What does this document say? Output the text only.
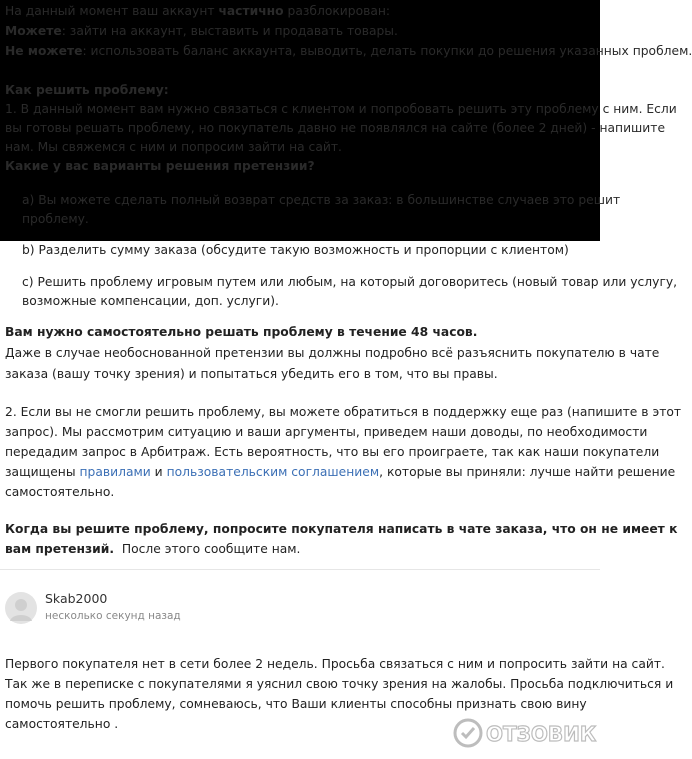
На данный момент ваш аккаунт частично разблокирован:
Можете: зайти на аккаунт, выставить и продавать товары.
Не можете: использовать баланс аккаунта, выводить, делать покупки до решения указанных проблем.
Как решить проблему:
1. В данный момент вам нужно связаться с клиентом и попробовать решить эту проблему с ним. Если
вы готовы решать проблему, но покупатель давно не появлялся на сайте (более 2 дней) - напишите
нам. Мы свяжемся с ним и попросим зайти на сайт.
Какие у вас варианты решения претензии?
a) Вы можете сделать полный возврат средств за заказ: в большинстве случаев это решит
проблему.
b) Разделить сумму заказа (обсудите такую возможность и пропорции с клиентом)
c) Решить проблему игровым путем или любым, на который договоритесь (новый товар или услугу,
возможные компенсации, доп. услуги).
Вам нужно самостоятельно решать проблему в течение 48 часов.
Даже в случае необоснованной претензии вы должны подробно всё разъяснить покупателю в чате
заказа (вашу точку зрения) и попытаться убедить его в том, что вы правы.
2. Если вы не смогли решить проблему, вы можете обратиться в поддержку еще раз (напишите в этот
запрос). Мы рассмотрим ситуацию и ваши аргументы, приведем наши доводы, по необходимости
передадим запрос в Арбитраж. Есть вероятность, что вы его проиграете, так как наши покупатели
защищены правилами и пользовательским соглашением, которые вы приняли: лучше найти решение
самостоятельно.
Когда вы решите проблему, попросите покупателя написать в чате заказа, что он не имеет к
вам претензий.  После этого сообщите нам.
Skab2000
несколько секунд назад
Первого покупателя нет в сети более 2 недель. Просьба связаться с ним и попросить зайти на сайт.
Так же в переписке с покупателями я уяснил свою точку зрения на жалобы. Просьба подключиться и
помочь решить проблему, сомневаюсь, что Ваши клиенты способны признать свою вину
самостоятельно .	ОТЗОВИК
